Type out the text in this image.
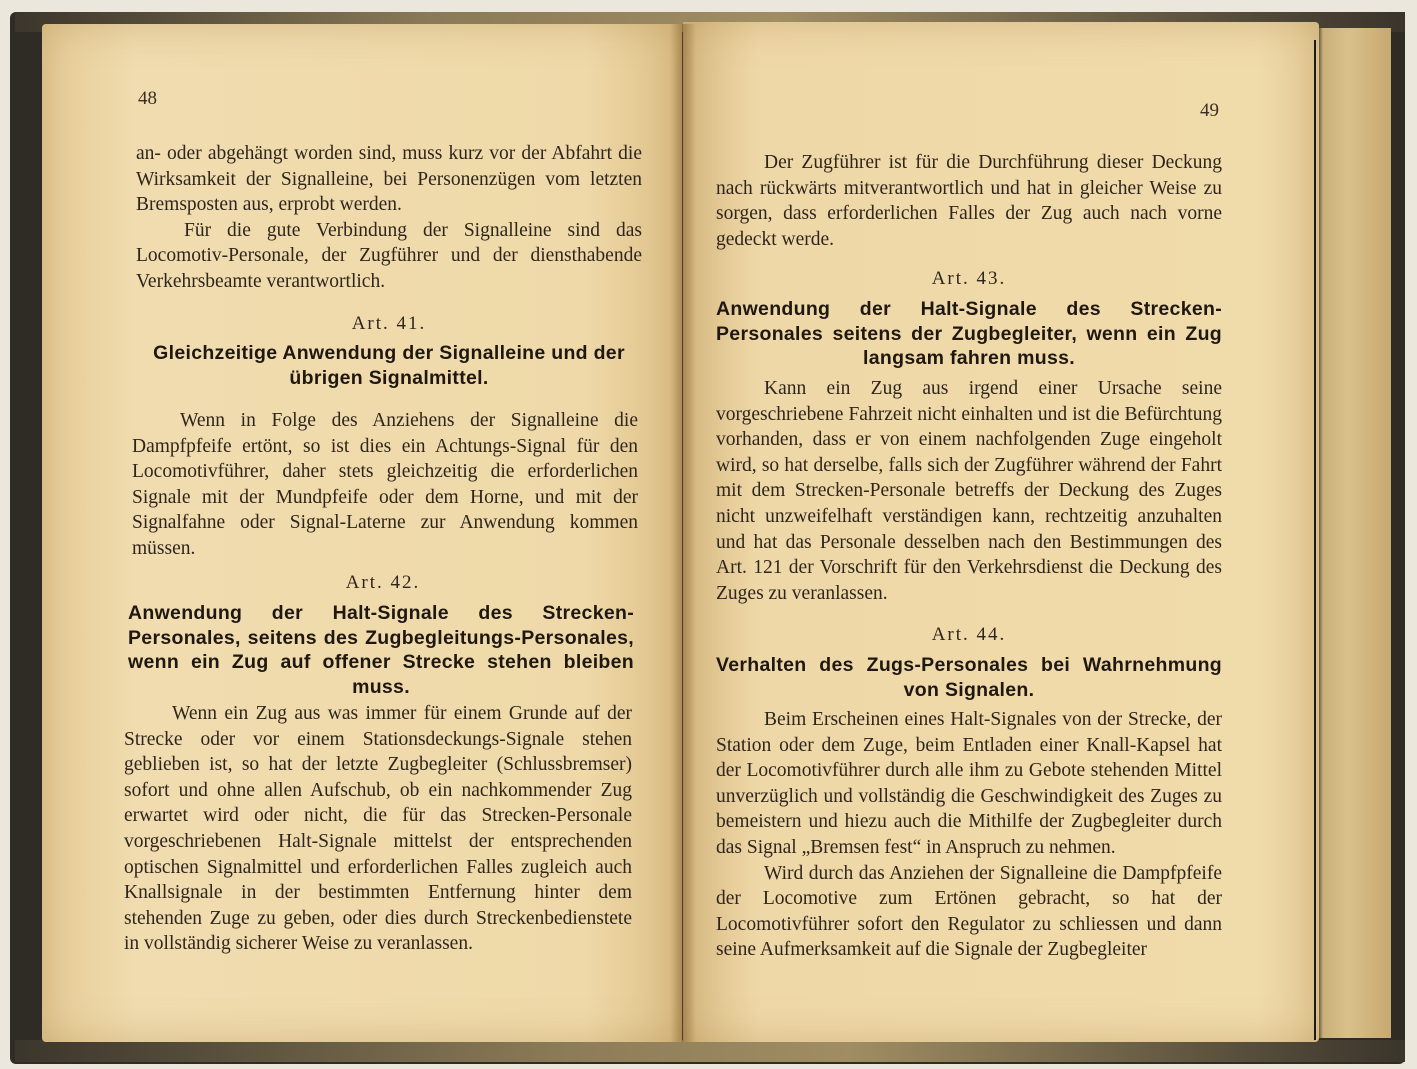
48

an- oder abgehängt worden sind, muss kurz vor der Abfahrt die Wirksamkeit der Signalleine, bei Personenzügen vom letzten Bremsposten aus, erprobt werden.

Für die gute Verbindung der Signalleine sind das Locomotiv-Personale, der Zugführer und der diensthabende Verkehrsbeamte verantwortlich.

Art. 41.
Gleichzeitige Anwendung der Signalleine und der übrigen Signalmittel.

Wenn in Folge des Anziehens der Signalleine die Dampfpfeife ertönt, so ist dies ein Achtungs-Signal für den Locomotivführer, daher stets gleichzeitig die erforderlichen Signale mit der Mundpfeife oder dem Horne, und mit der Signalfahne oder Signal-Laterne zur Anwendung kommen müssen.

Art. 42.
Anwendung der Halt-Signale des Strecken-Personales, seitens des Zugbegleitungs-Personales, wenn ein Zug auf offener Strecke stehen bleiben muss.

Wenn ein Zug aus was immer für einem Grunde auf der Strecke oder vor einem Stationsdeckungs-Signale stehen geblieben ist, so hat der letzte Zugbegleiter (Schlussbremser) sofort und ohne allen Aufschub, ob ein nachkommender Zug erwartet wird oder nicht, die für das Strecken-Personale vorgeschriebenen Halt-Signale mittelst der entsprechenden optischen Signalmittel und erforderlichen Falles zugleich auch Knallsignale in der bestimmten Entfernung hinter dem stehenden Zuge zu geben, oder dies durch Streckenbedienstete in vollständig sicherer Weise zu veranlassen.

49

Der Zugführer ist für die Durchführung dieser Deckung nach rückwärts mitverantwortlich und hat in gleicher Weise zu sorgen, dass erforderlichen Falles der Zug auch nach vorne gedeckt werde.

Art. 43.
Anwendung der Halt-Signale des Strecken-Personales seitens der Zugbegleiter, wenn ein Zug langsam fahren muss.

Kann ein Zug aus irgend einer Ursache seine vorgeschriebene Fahrzeit nicht einhalten und ist die Befürchtung vorhanden, dass er von einem nachfolgenden Zuge eingeholt wird, so hat derselbe, falls sich der Zugführer während der Fahrt mit dem Strecken-Personale betreffs der Deckung des Zuges nicht unzweifelhaft verständigen kann, rechtzeitig anzuhalten und hat das Personale desselben nach den Bestimmungen des Art. 121 der Vorschrift für den Verkehrsdienst die Deckung des Zuges zu veranlassen.

Art. 44.
Verhalten des Zugs-Personales bei Wahrnehmung von Signalen.

Beim Erscheinen eines Halt-Signales von der Strecke, der Station oder dem Zuge, beim Entladen einer Knall-Kapsel hat der Locomotivführer durch alle ihm zu Gebote stehenden Mittel unverzüglich und vollständig die Geschwindigkeit des Zuges zu bemeistern und hiezu auch die Mithilfe der Zugbegleiter durch das Signal „Bremsen fest“ in Anspruch zu nehmen.

Wird durch das Anziehen der Signalleine die Dampfpfeife der Locomotive zum Ertönen gebracht, so hat der Locomotivführer sofort den Regulator zu schliessen und dann seine Aufmerksamkeit auf die Signale der Zugbegleiter
